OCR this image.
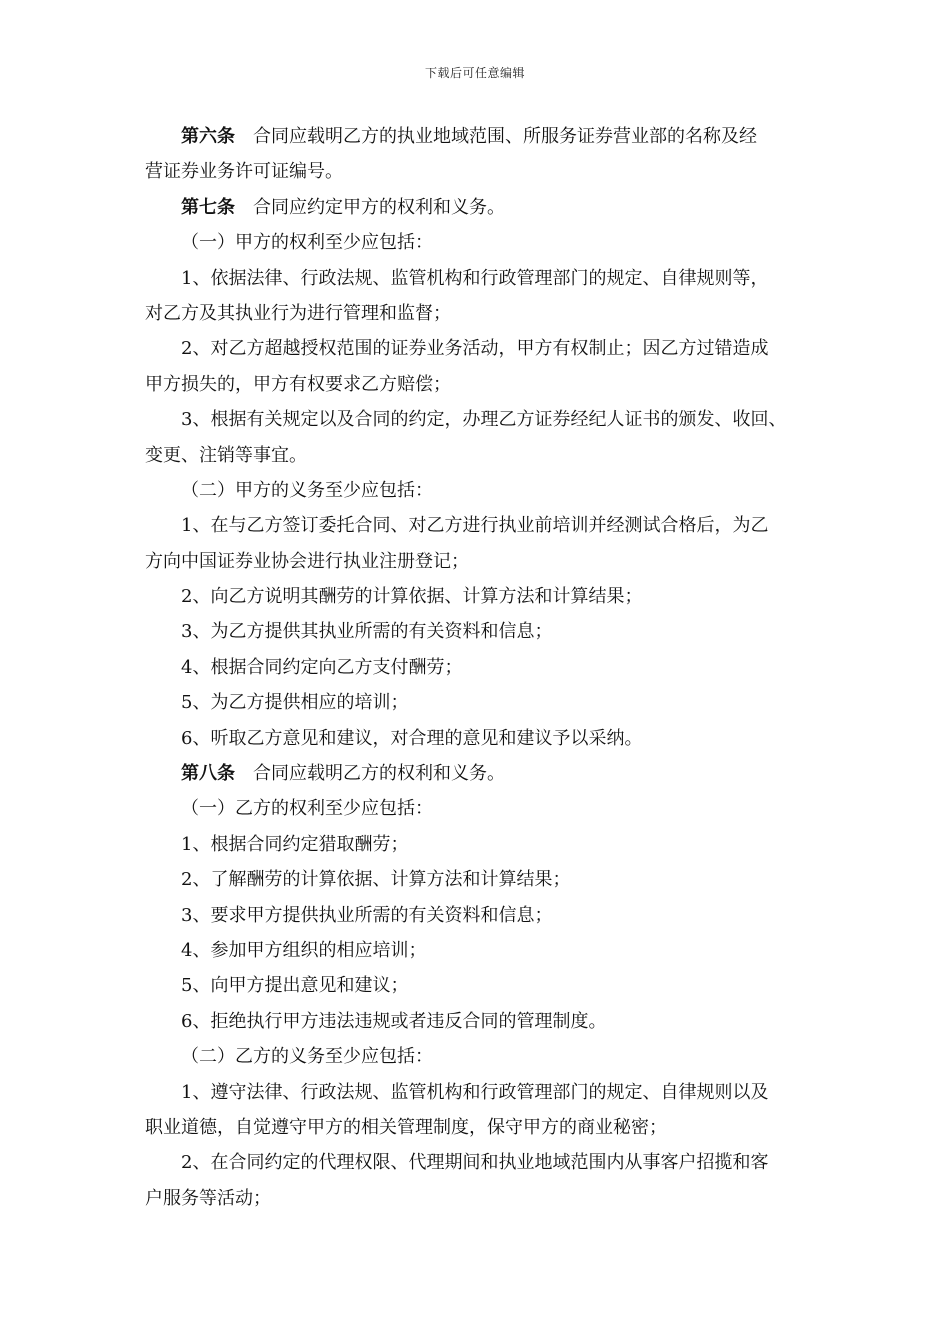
下载后可任意编辑
第六条 合同应载明乙方的执业地域范围、所服务证券营业部的名称及经
营证券业务许可证编号。
第七条 合同应约定甲方的权利和义务。
（一）甲方的权利至少应包括：
1、依据法律、行政法规、监管机构和行政管理部门的规定、自律规则等，
对乙方及其执业行为进行管理和监督；
2、对乙方超越授权范围的证券业务活动，甲方有权制止；因乙方过错造成
甲方损失的，甲方有权要求乙方赔偿；
3、根据有关规定以及合同的约定，办理乙方证券经纪人证书的颁发、收回、
变更、注销等事宜。
（二）甲方的义务至少应包括：
1、在与乙方签订委托合同、对乙方进行执业前培训并经测试合格后，为乙
方向中国证券业协会进行执业注册登记；
2、向乙方说明其酬劳的计算依据、计算方法和计算结果；
3、为乙方提供其执业所需的有关资料和信息；
4、根据合同约定向乙方支付酬劳；
5、为乙方提供相应的培训；
6、听取乙方意见和建议，对合理的意见和建议予以采纳。
第八条 合同应载明乙方的权利和义务。
（一）乙方的权利至少应包括：
1、根据合同约定猎取酬劳；
2、了解酬劳的计算依据、计算方法和计算结果；
3、要求甲方提供执业所需的有关资料和信息；
4、参加甲方组织的相应培训；
5、向甲方提出意见和建议；
6、拒绝执行甲方违法违规或者违反合同的管理制度。
（二）乙方的义务至少应包括：
1、遵守法律、行政法规、监管机构和行政管理部门的规定、自律规则以及
职业道德，自觉遵守甲方的相关管理制度，保守甲方的商业秘密；
2、在合同约定的代理权限、代理期间和执业地域范围内从事客户招揽和客
户服务等活动；
